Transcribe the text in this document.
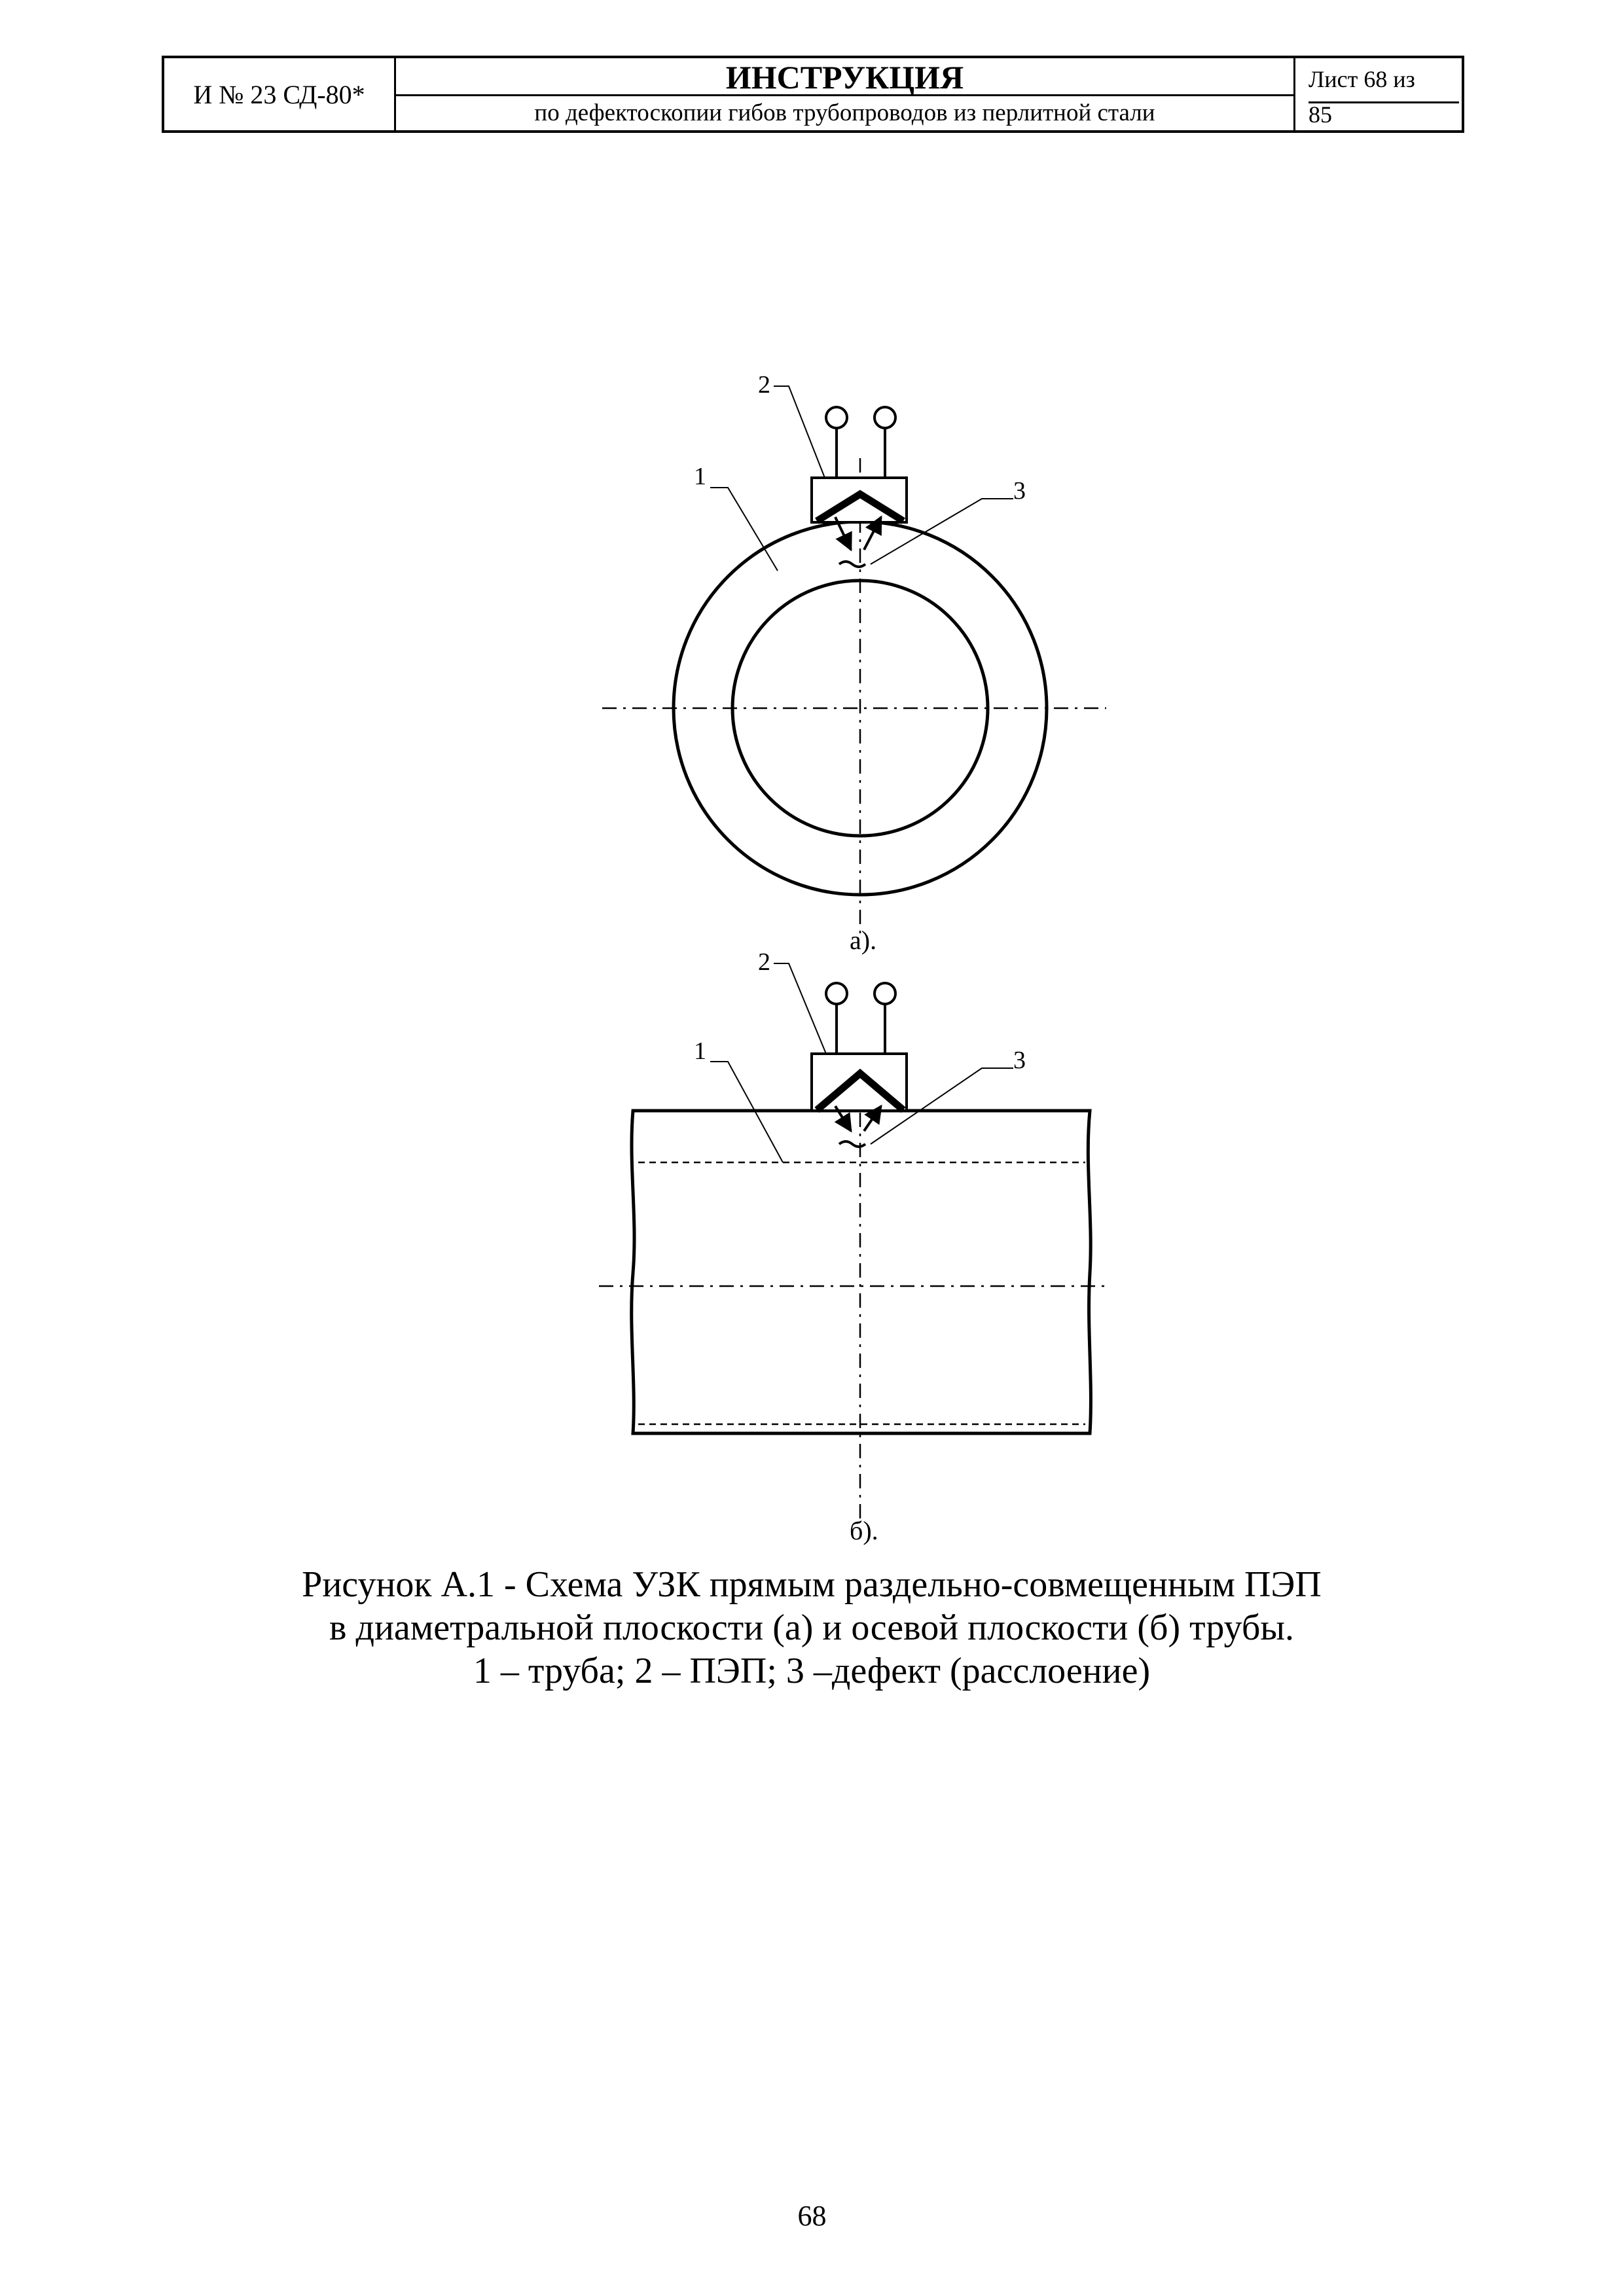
И № 23 СД-80*	ИНСТРУКЦИЯ
по дефектоскопии гибов трубопроводов из перлитной стали
Лист 68 из
85
2
1
3
а).
2
1	3
б).
Рисунок А.1 - Схема УЗК прямым раздельно-совмещенным ПЭП
в диаметральной плоскости (а) и осевой плоскости (б) трубы.
1 – труба; 2 – ПЭП; 3 –дефект (расслоение)
68
